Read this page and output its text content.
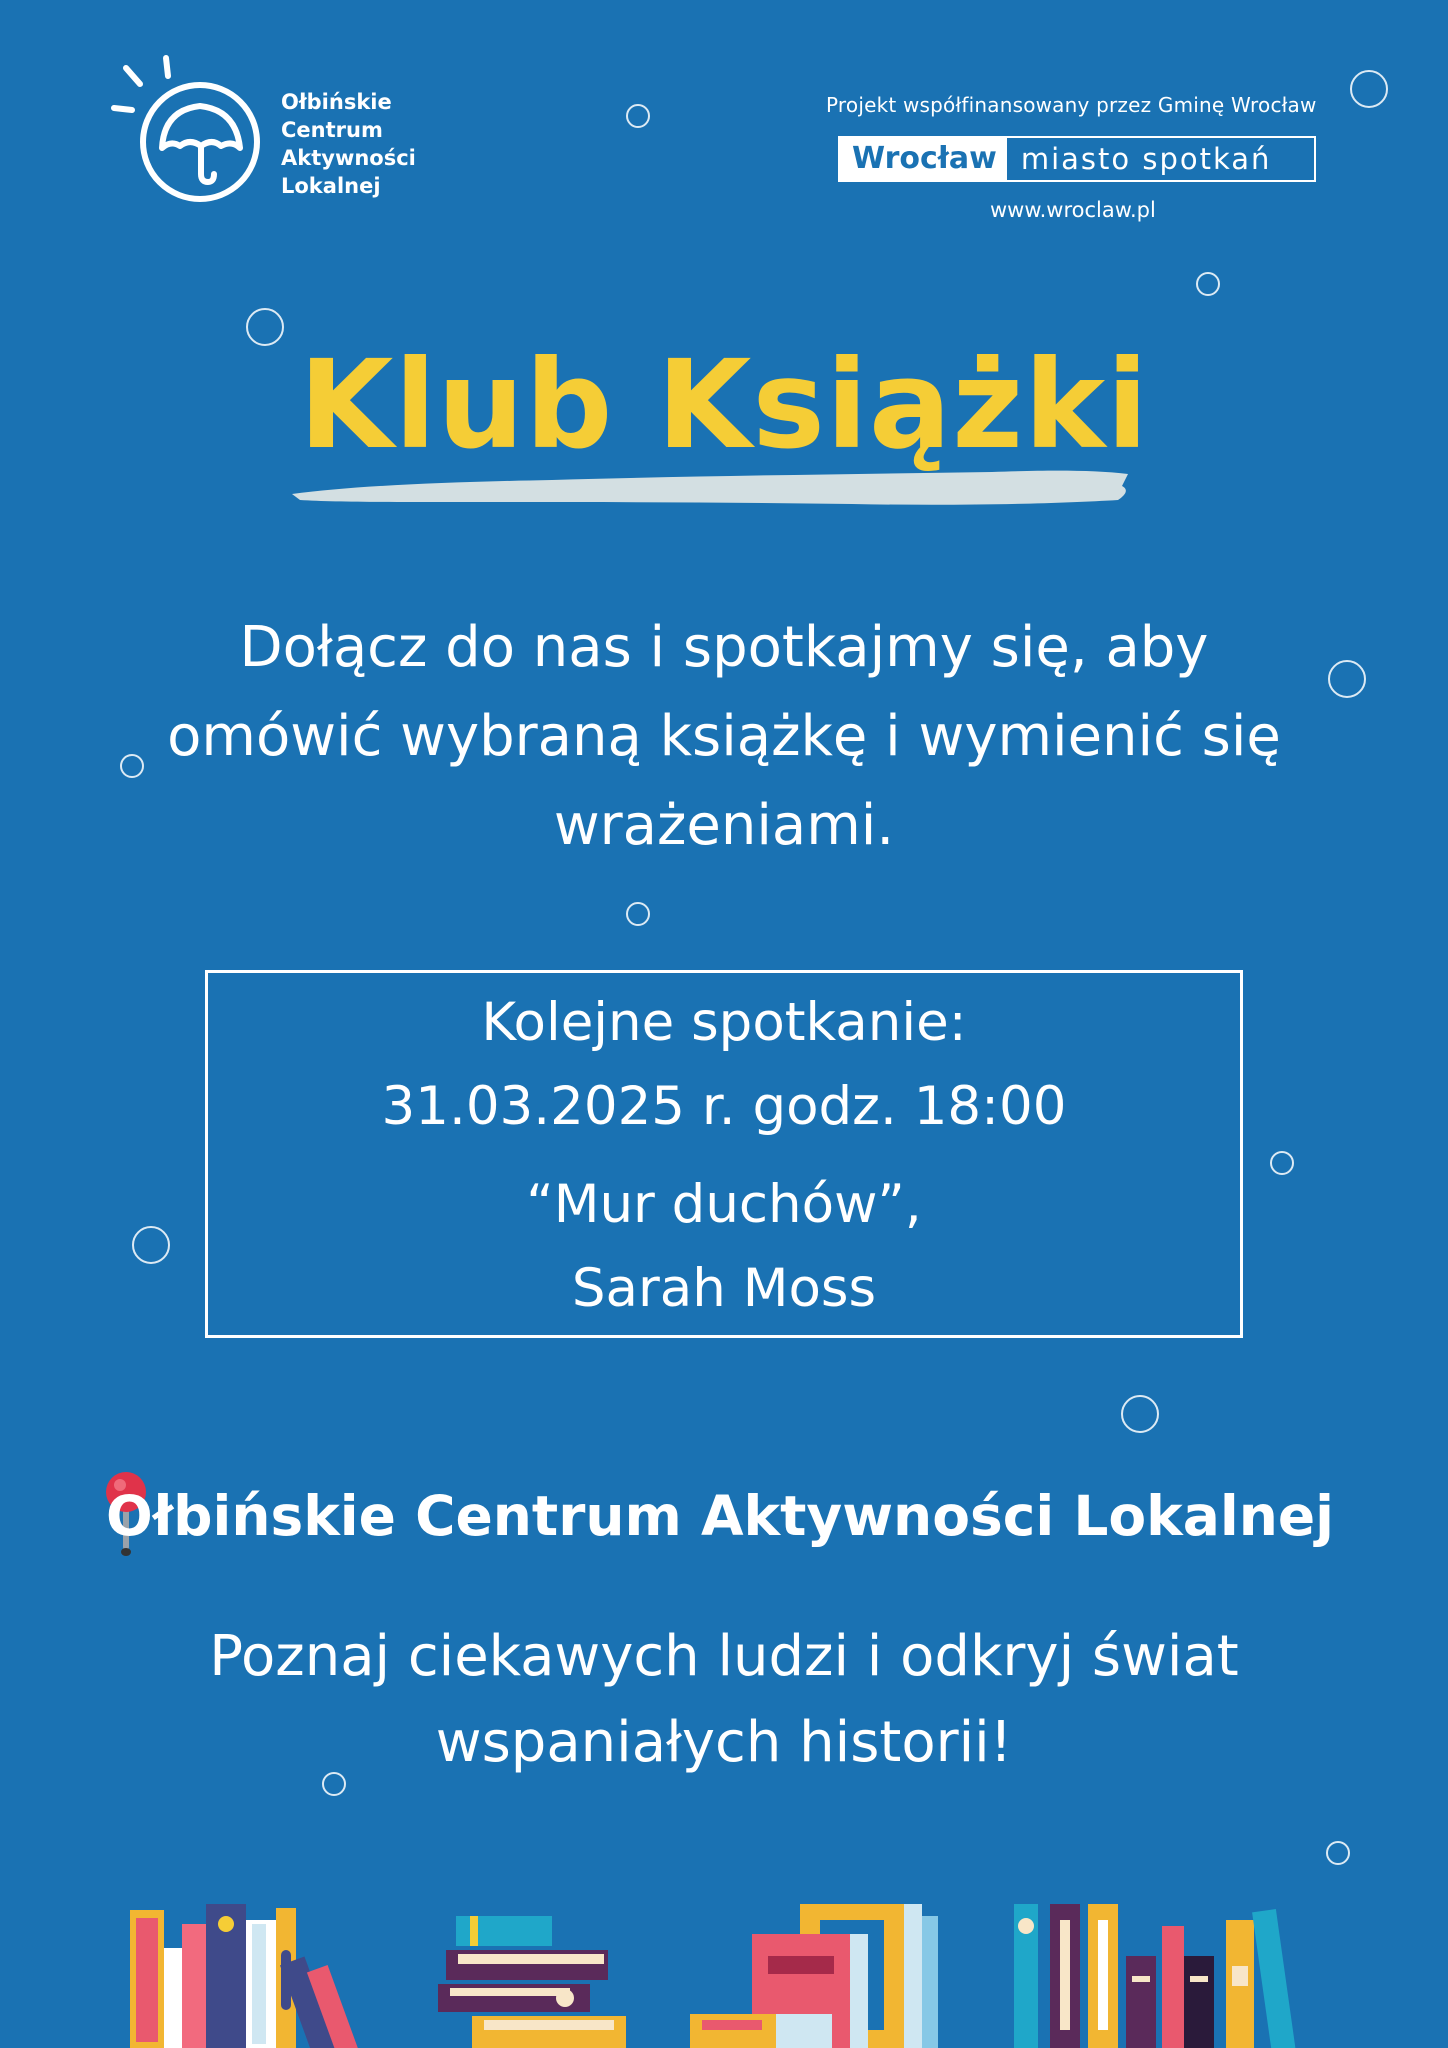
Ołbińskie
Centrum
Aktywności
Lokalnej
Projekt współfinansowany przez Gminę Wrocław
Wrocław miasto spotkań
www.wroclaw.pl
Klub Książki
Dołącz do nas i spotkajmy się, aby omówić wybraną książkę i wymienić się wrażeniami.
Kolejne spotkanie:
31.03.2025 r. godz. 18:00
“Mur duchów”,
Sarah Moss
Ołbińskie Centrum Aktywności Lokalnej
Poznaj ciekawych ludzi i odkryj świat wspaniałych historii!
